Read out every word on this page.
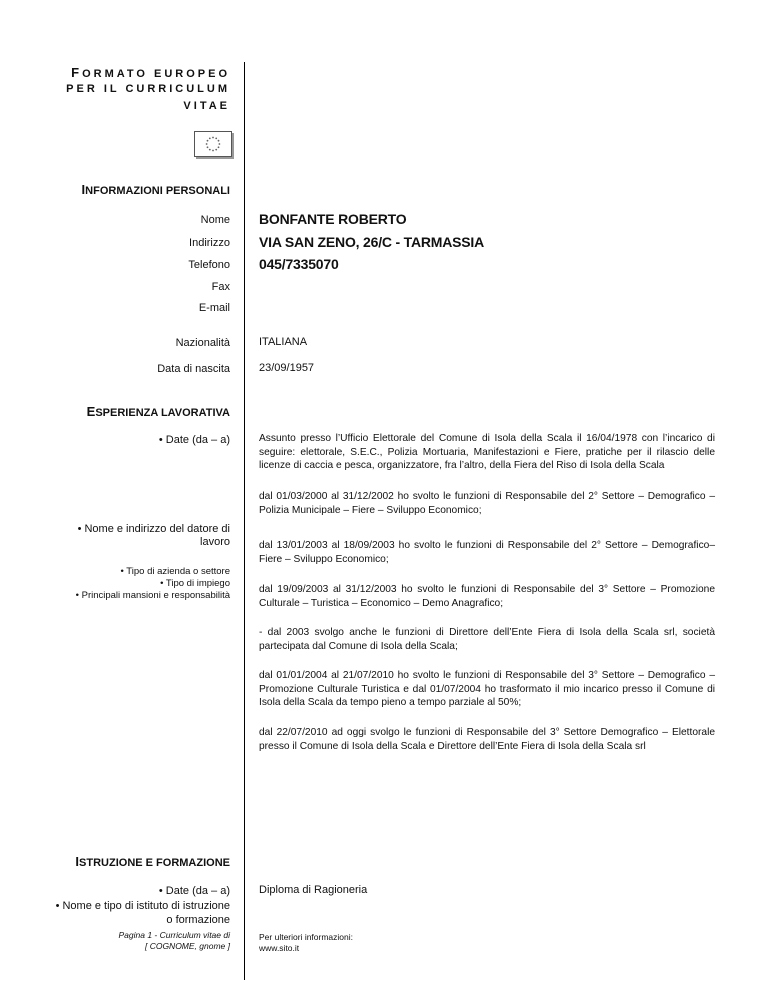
FORMATO EUROPEO
PER IL CURRICULUM
VITAE
INFORMAZIONI PERSONALI
Nome BONFANTE ROBERTO
Indirizzo VIA SAN ZENO, 26/C - TARMASSIA
Telefono 045/7335070
Fax
E-mail
Nazionalità	ITALIANA
Data di nascita	23/09/1957
ESPERIENZA LAVORATIVA
• Date (da – a)
• Nome e indirizzo del datore di
lavoro
• Tipo di azienda o settore
• Tipo di impiego
• Principali mansioni e responsabilità
Assunto presso l’Ufficio Elettorale del Comune di Isola della Scala il 16/04/1978 con l’incarico di seguire: elettorale, S.E.C., Polizia Mortuaria, Manifestazioni e Fiere, pratiche per il rilascio delle licenze di caccia e pesca, organizzatore, fra l’altro, della Fiera del Riso di Isola della Scala
dal 01/03/2000 al 31/12/2002 ho svolto le funzioni di Responsabile del 2° Settore – Demografico – Polizia Municipale – Fiere – Sviluppo Economico;
dal 13/01/2003 al 18/09/2003 ho svolto le funzioni di Responsabile del 2° Settore – Demografico– Fiere – Sviluppo Economico;
dal 19/09/2003 al 31/12/2003 ho svolto le funzioni di Responsabile del 3° Settore – Promozione Culturale – Turistica – Economico – Demo Anagrafico;
- dal 2003 svolgo anche le funzioni di Direttore dell’Ente Fiera di Isola della Scala srl, società partecipata dal Comune di Isola della Scala;
dal 01/01/2004 al 21/07/2010 ho svolto le funzioni di Responsabile del 3° Settore – Demografico – Promozione Culturale Turistica e dal 01/07/2004 ho trasformato il mio incarico presso il Comune di Isola della Scala da tempo pieno a tempo parziale al 50%;
dal 22/07/2010 ad oggi svolgo le funzioni di Responsabile del 3° Settore Demografico – Elettorale presso il Comune di Isola della Scala e Direttore dell’Ente Fiera di Isola della Scala srl
ISTRUZIONE E FORMAZIONE
• Date (da – a)
• Nome e tipo di istituto di istruzione
o formazione
Diploma di Ragioneria
Pagina 1 - Curriculum vitae di
[ COGNOME, gnome ]
Per ulteriori informazioni:
www.sito.it
